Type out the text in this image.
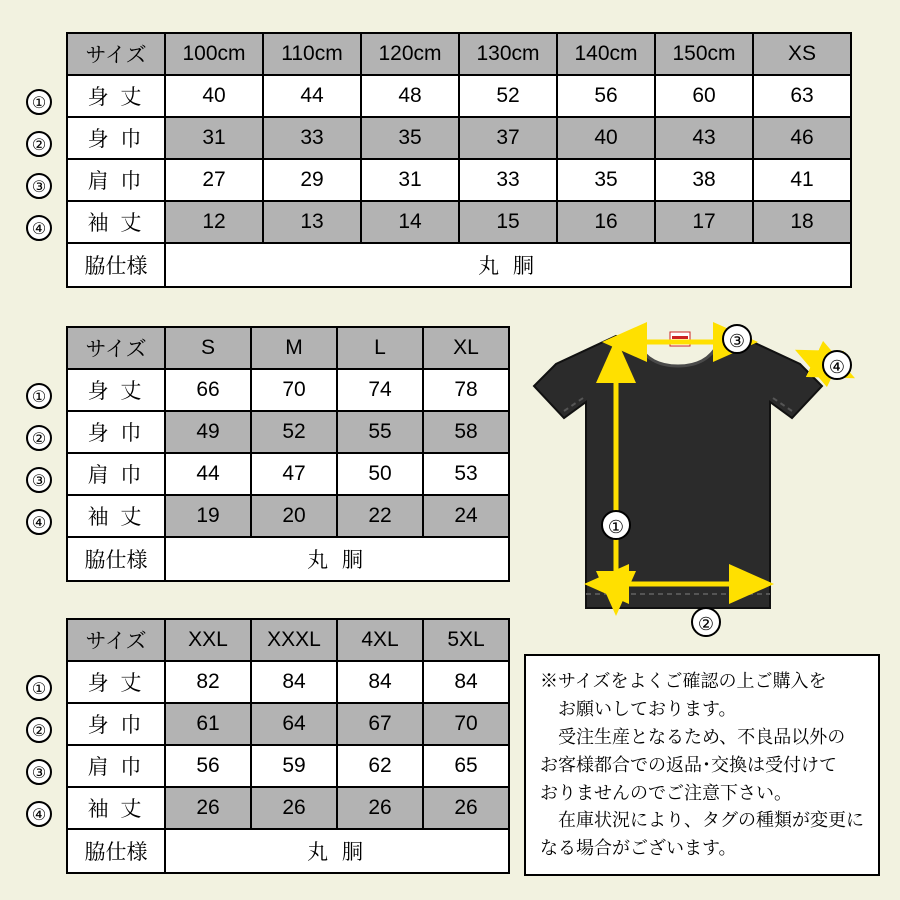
①
②
③
④
サイズ	100cm	110cm	120cm	130cm	140cm	150cm	XS
身 丈	40	44	48	52	56	60	63
身 巾	31	33	35	37	40	43	46
肩 巾	27	29	31	33	35	38	41
袖 丈	12	13	14	15	16	17	18
脇仕様	丸 胴						
①
②
③
④
サイズ	S	M	L	XL
身 丈	66	70	74	78
身 巾	49	52	55	58
肩 巾	44	47	50	53
袖 丈	19	20	22	24
脇仕様	丸 胴			
①
②
③
④
サイズ	XXL	XXXL	4XL	5XL
身 丈	82	84	84	84
身 巾	61	64	67	70
肩 巾	56	59	62	65
袖 丈	26	26	26	26
脇仕様	丸 胴			
③
④
①
②

※サイズをよくご確認の上ご購入を

お願いしております。

受注生産となるため、不良品以外の

お客様都合での返品･交換は受付けて

おりませんのでご注意下さい。

在庫状況により、タグの種類が変更に

なる場合がございます。
